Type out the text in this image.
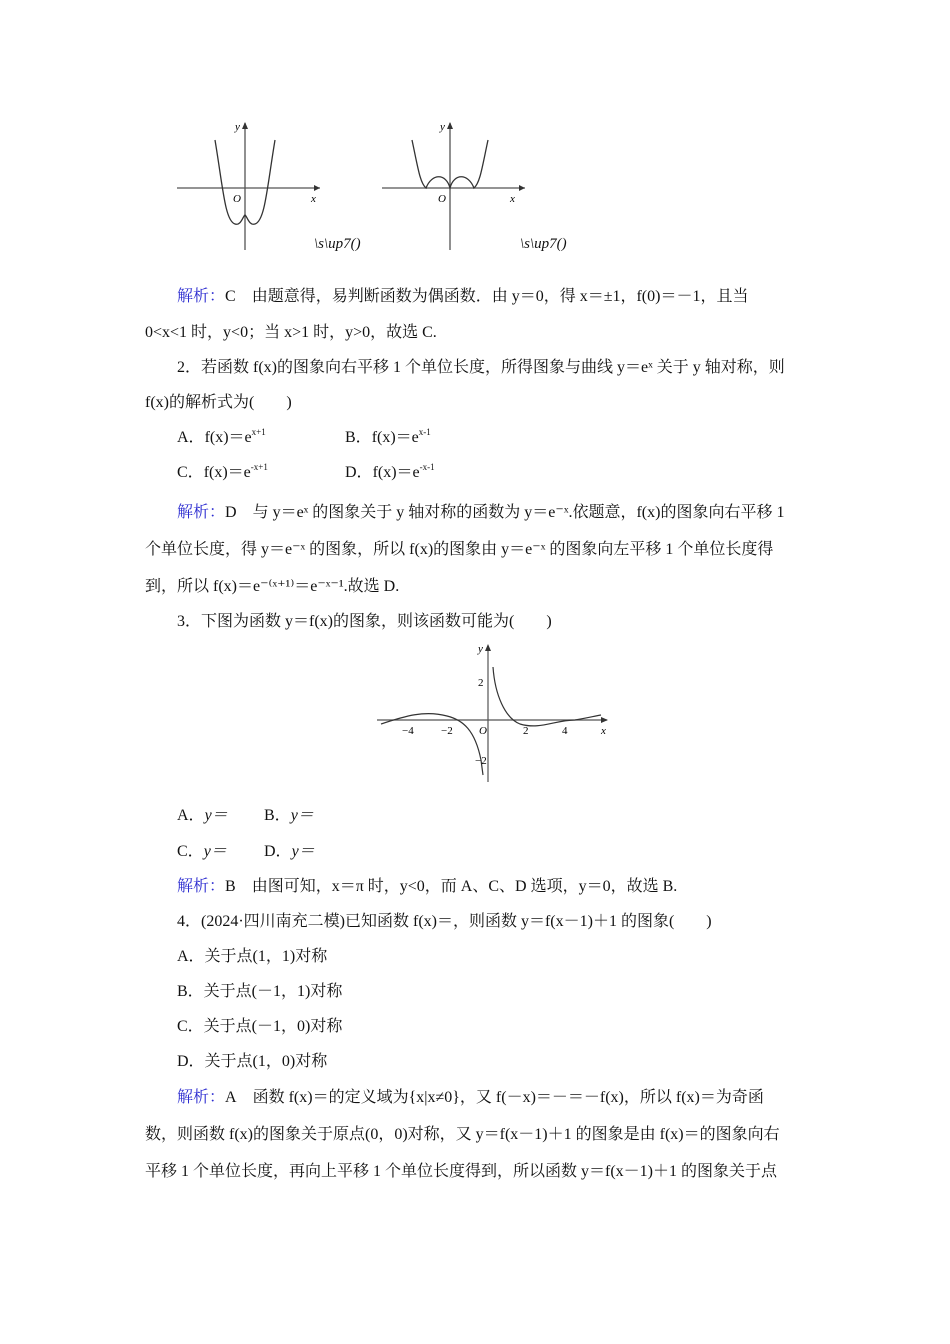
y
O	x
\s\up7()
y
O	x
\s\up7()
解析：C 由题意得，易判断函数为偶函数．由 y＝0，得 x＝±1，f(0)＝－1，且当
0<x<1 时，y<0；当 x>1 时，y>0，故选 C.
2．若函数 f(x)的图象向右平移 1 个单位长度，所得图象与曲线 y＝eˣ 关于 y 轴对称，则
f(x)的解析式为(　　)
A．$f(x)=e^{x+1}$	B．$f(x)=e^{x-1}$
C．$f(x)=e^{-x+1}$	D．$f(x)=e^{-x-1}$
解析：D 与 y＝eˣ 的图象关于 y 轴对称的函数为 y＝e⁻ˣ.依题意，f(x)的图象向右平移 1
个单位长度，得 y＝e⁻ˣ 的图象，所以 f(x)的图象由 y＝e⁻ˣ 的图象向左平移 1 个单位长度得
到，所以 f(x)＝e⁻⁽ˣ⁺¹⁾＝e⁻ˣ⁻¹.故选 D.
3．下图为函数 y＝f(x)的图象，则该函数可能为(　　)
y
O	x
−4 −2	2	4
2
−2
A．y＝	B．y＝
C．y＝	D．y＝
解析：B 由图可知，x＝π 时，y<0，而 A、C、D 选项，y＝0，故选 B.
4．(2024·四川南充二模)已知函数 f(x)＝，则函数 y＝f(x－1)＋1 的图象(　　)
A．关于点(1，1)对称
B．关于点(－1，1)对称
C．关于点(－1，0)对称
D．关于点(1，0)对称
解析：A 函数 f(x)＝的定义域为{x|x≠0}，又 f(－x)＝－＝－f(x)，所以 f(x)＝为奇函
数，则函数 f(x)的图象关于原点(0，0)对称，又 y＝f(x－1)＋1 的图象是由 f(x)＝的图象向右
平移 1 个单位长度，再向上平移 1 个单位长度得到，所以函数 y＝f(x－1)＋1 的图象关于点
